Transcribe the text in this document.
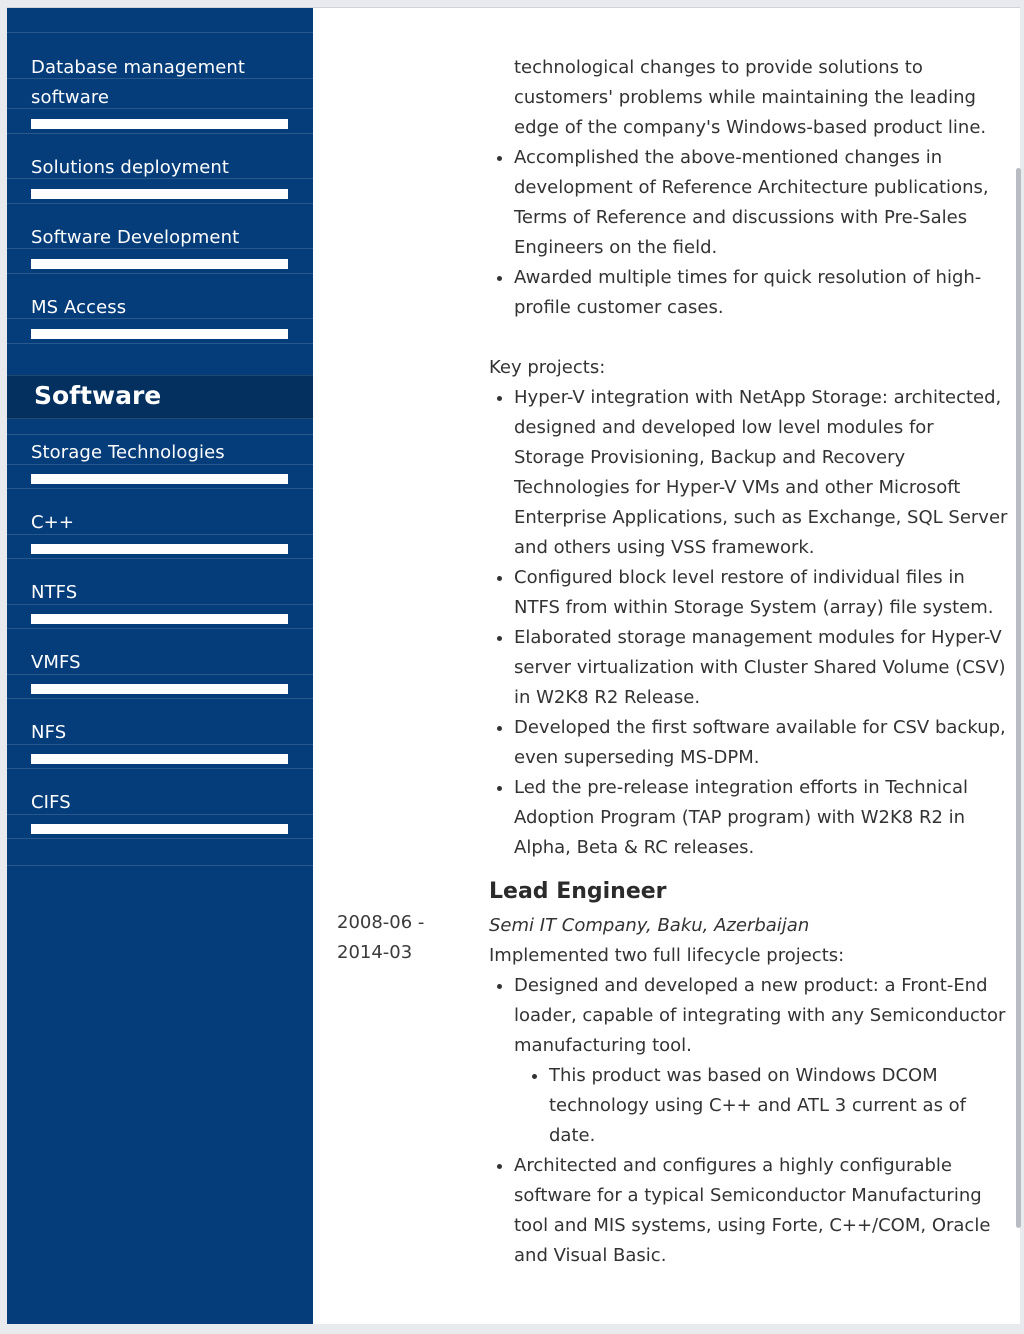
Database management software
Solutions deployment
Software Development
MS Access
Software
Storage Technologies
C++
NTFS
VMFS
NFS
CIFS
2008-06 -
2014-03
technological changes to provide solutions to customers' problems while maintaining the leading edge of the company's Windows-based product line.
• Accomplished the above-mentioned changes in development of Reference Architecture publications, Terms of Reference and discussions with Pre-Sales Engineers on the field.
• Awarded multiple times for quick resolution of high-profile customer cases.
Key projects:
• Hyper-V integration with NetApp Storage: architected, designed and developed low level modules for Storage Provisioning, Backup and Recovery Technologies for Hyper-V VMs and other Microsoft Enterprise Applications, such as Exchange, SQL Server and others using VSS framework.
• Configured block level restore of individual files in NTFS from within Storage System (array) file system.
• Elaborated storage management modules for Hyper-V server virtualization with Cluster Shared Volume (CSV) in W2K8 R2 Release.
• Developed the first software available for CSV backup, even superseding MS-DPM.
• Led the pre-release integration efforts in Technical Adoption Program (TAP program) with W2K8 R2 in Alpha, Beta & RC releases.
Lead Engineer
Semi IT Company, Baku, Azerbaijan
Implemented two full lifecycle projects:
• Designed and developed a new product: a Front-End loader, capable of integrating with any Semiconductor manufacturing tool.
• This product was based on Windows DCOM technology using C++ and ATL 3 current as of date.
• Architected and configures a highly configurable software for a typical Semiconductor Manufacturing tool and MIS systems, using Forte, C++/COM, Oracle and Visual Basic.
